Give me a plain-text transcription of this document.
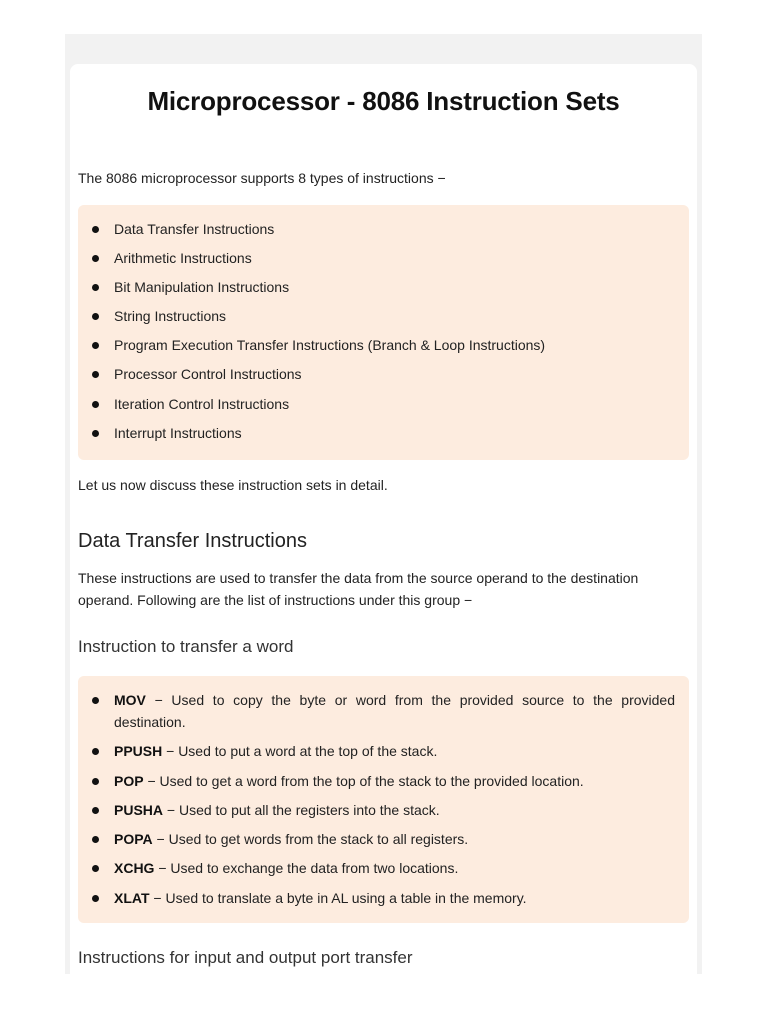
Microprocessor - 8086 Instruction Sets

The 8086 microprocessor supports 8 types of instructions −

Data Transfer Instructions
Arithmetic Instructions
Bit Manipulation Instructions
String Instructions
Program Execution Transfer Instructions (Branch & Loop Instructions)
Processor Control Instructions
Iteration Control Instructions
Interrupt Instructions

Let us now discuss these instruction sets in detail.

Data Transfer Instructions

These instructions are used to transfer the data from the source operand to the destination operand. Following are the list of instructions under this group −

Instruction to transfer a word
MOV − Used to copy the byte or word from the provided source to the provided destination.
PPUSH − Used to put a word at the top of the stack.
POP − Used to get a word from the top of the stack to the provided location.
PUSHA − Used to put all the registers into the stack.
POPA − Used to get words from the stack to all registers.
XCHG − Used to exchange the data from two locations.
XLAT − Used to translate a byte in AL using a table in the memory.
Instructions for input and output port transfer
